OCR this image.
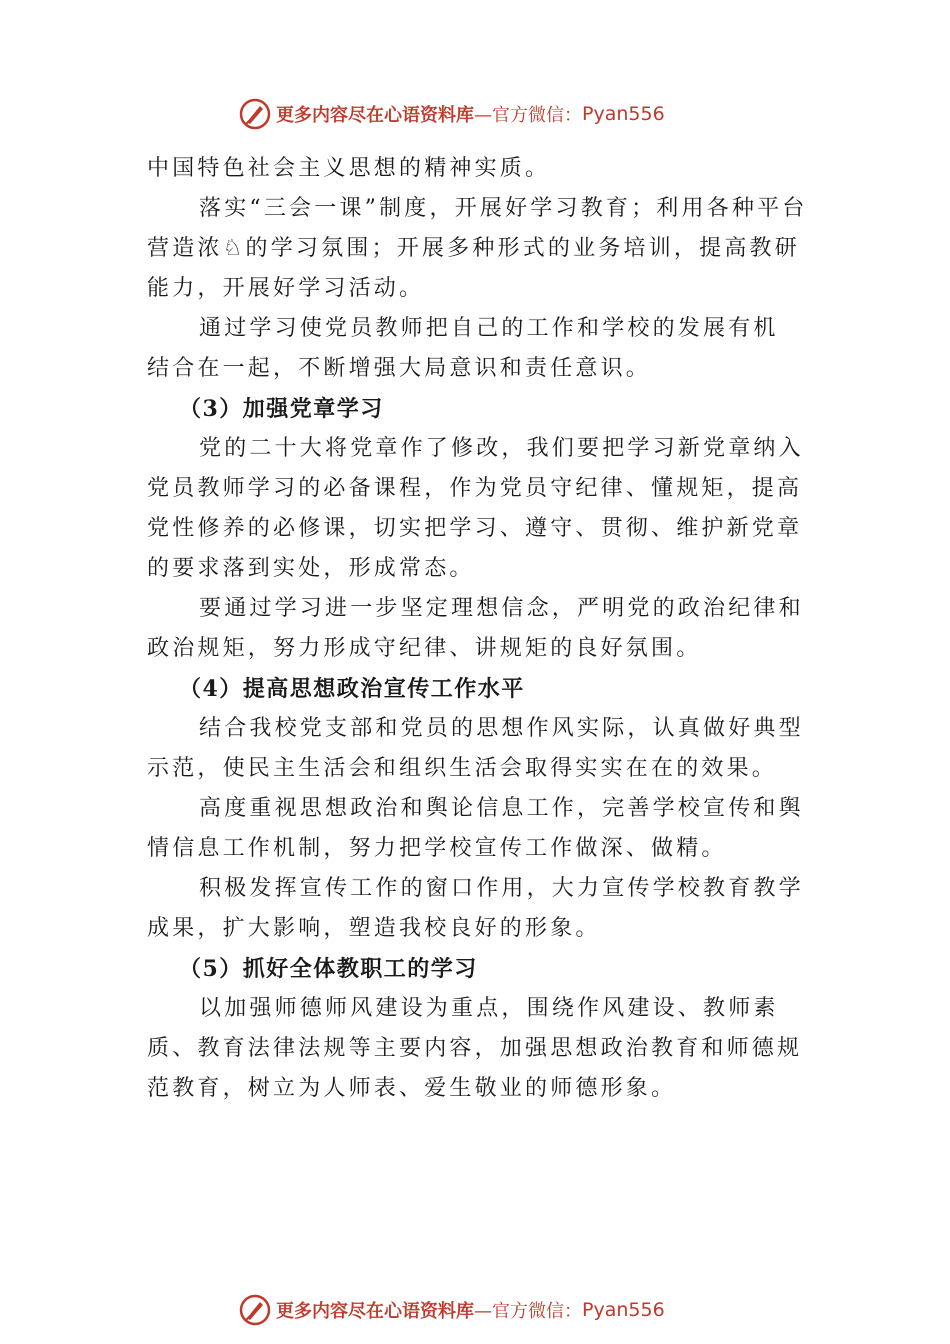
更多内容尽在心语资料库 —官方微信： Pyan556

中国特色社会主义思想的精神实质。

落实“三会一课”制度，开展好学习教育；利用各种平台营造浓♘的学习氛围；开展多种形式的业务培训，提高教研能力，开展好学习活动。

通过学习使党员教师把自己的工作和学校的发展有机

结合在一起，不断增强大局意识和责任意识。

（3）加强党章学习

党的二十大将党章作了修改，我们要把学习新党章纳入党员教师学习的必备课程，作为党员守纪律、懂规矩，提高党性修养的必修课，切实把学习、遵守、贯彻、维护新党章的要求落到实处，形成常态。

要通过学习进一步坚定理想信念，严明党的政治纪律和政治规矩，努力形成守纪律、讲规矩的良好氛围。

（4）提高思想政治宣传工作水平

结合我校党支部和党员的思想作风实际，认真做好典型示范，使民主生活会和组织生活会取得实实在在的效果。

高度重视思想政治和舆论信息工作，完善学校宣传和舆情信息工作机制，努力把学校宣传工作做深、做精。

积极发挥宣传工作的窗口作用，大力宣传学校教育教学成果，扩大影响，塑造我校良好的形象。

（5）抓好全体教职工的学习

以加强师德师风建设为重点，围绕作风建设、教师素质、教育法律法规等主要内容，加强思想政治教育和师德规范教育，树立为人师表、爱生敬业的师德形象。

更多内容尽在心语资料库 —官方微信： Pyan556
